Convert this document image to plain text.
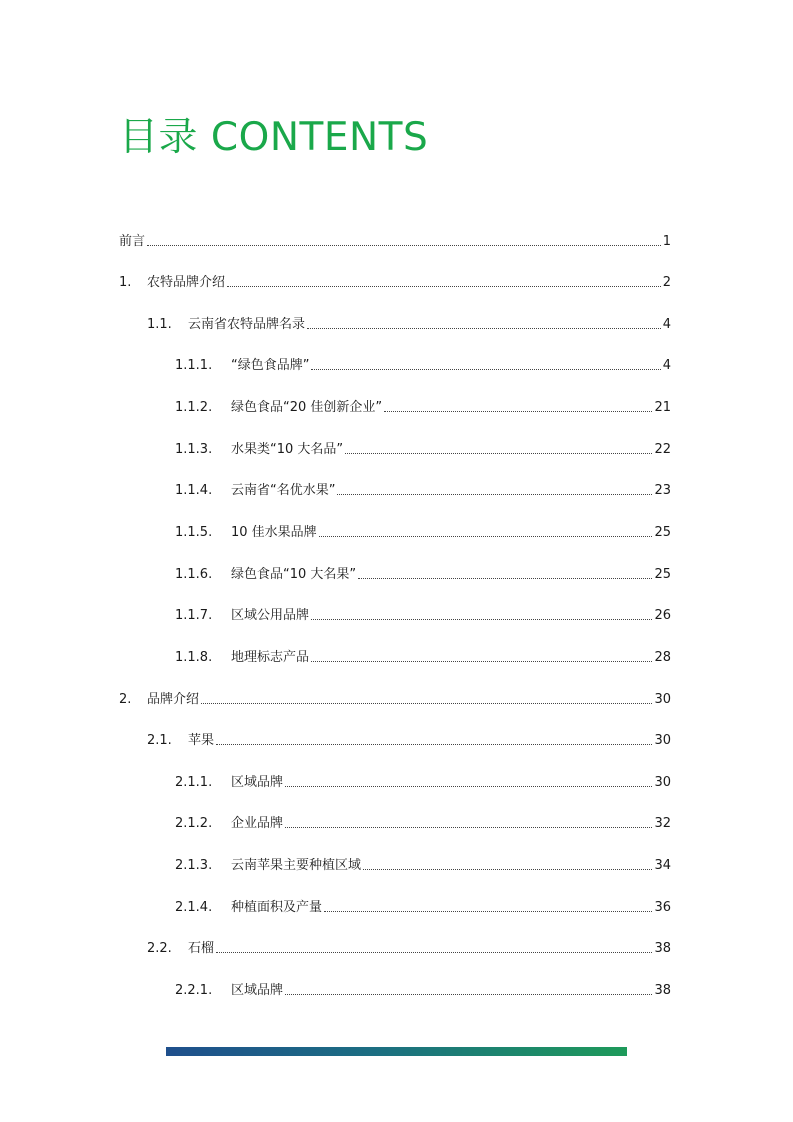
目录 CONTENTS
前言	1
1.	农特品牌介绍	2
1.1.	云南省农特品牌名录	4
1.1.1.	“绿色食品牌”	4
1.1.2.	绿色食品“20 佳创新企业”	21
1.1.3.	水果类“10 大名品”	22
1.1.4.	云南省“名优水果”	23
1.1.5.	10 佳水果品牌	25
1.1.6.	绿色食品“10 大名果”	25
1.1.7.	区域公用品牌	26
1.1.8.	地理标志产品	28
2.	品牌介绍	30
2.1.	苹果	30
2.1.1.	区域品牌	30
2.1.2.	企业品牌	32
2.1.3.	云南苹果主要种植区域	34
2.1.4.	种植面积及产量	36
2.2.	石榴	38
2.2.1.	区域品牌	38
